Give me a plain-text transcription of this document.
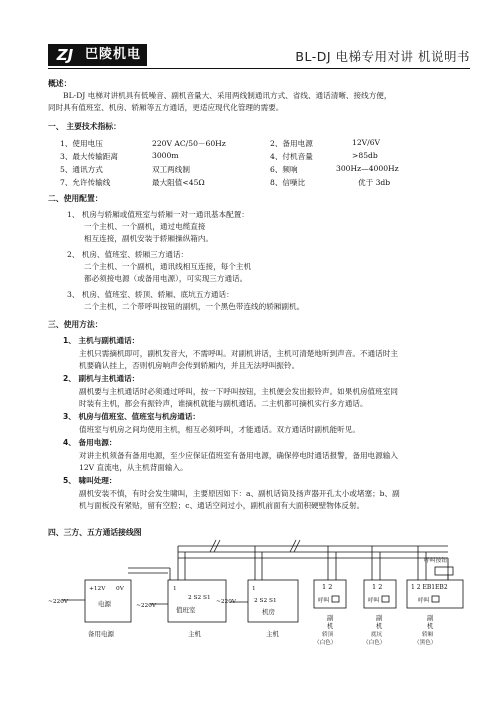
ZJ 巴陵机电	BL-DJ 电梯专用对讲 机说明书
概述：
BL-DJ 电梯对讲机具有低噪音、副机音量大、采用两线制通讯方式、省线、通话清晰、接线方便，
同时具有值班室、机房、轿厢等五方通话，更适应现代化管理的需要。
一、 主要技术指标：
1、使用电压	220V AC/50－60Hz	2、备用电源	12V/6V
3、最大传输距离	3000m	4、付机音量	>85db
5、通讯方式	双工两线制	6、频响	300Hz—4000Hz
7、允许传输线	最大阻值<45Ω	8、信噪比	优于 3db
二、使用配置：
1、 机房与轿厢或值班室与轿厢一对一通讯基本配置：
一个主机、一个副机，通过电缆直接
相互连接，副机安装于轿厢操纵箱内。
2、 机房、值班室、轿厢三方通话：
二个主机、一个副机，通讯线相互连接，每个主机
都必须接电源（或备用电源），可实现三方通话。
3、 机房、值班室、轿顶、轿厢、底坑五方通话：
二个主机，二个带呼叫按钮的副机，一个黑色带连线的轿厢副机。
三、使用方法：
1、 主机与副机通话：
主机只需摘机即可，副机发音大，不需呼叫。对副机讲话，主机可清楚地听到声音。不通话时主
机要确认挂上，否则机房响声会传到轿厢内，并且无法呼叫振铃。
2、 副机与主机通话：
副机要与主机通话时必须通过呼叫，按一下呼叫按钮，主机便会发出振铃声。如果机房值班室同
时装有主机，都会有振铃声，谁摘机就能与副机通话。二主机都可摘机实行多方通话。
3、 机房与值班室、值班室与机房通话：
值班室与机房之间均使用主机，相互必须呼叫，才能通话。双方通话时副机能听见。
4、 备用电源：
对讲主机须备有备用电源，至少应保证值班室有备用电源，确保停电时通话报警，备用电源输入
12V 直流电，从主机背面输入。
5、 啸叫处理：
副机安装不慎，有时会发生啸叫，主要原因如下：a、副机话筒及扬声器开孔太小或堵塞；b、副
机与面板没有紧贴，留有空腔；c、通话空间过小，副机前面有大面积硬壁物体反射。
四、三方、五方通话接线图
呼叫按钮
+12V 0V
电源
备用电源
~220V
1
2 S2 S1
值班室
主机
~220V
1
2 S2 S1
机房
主机
~220V
1 2
呼叫
副
机
轿顶
（白色）
1 2
呼叫
副
机
底坑
（白色）
1 2 EB1EB2
呼叫
副
机
轿厢
（黑色）
